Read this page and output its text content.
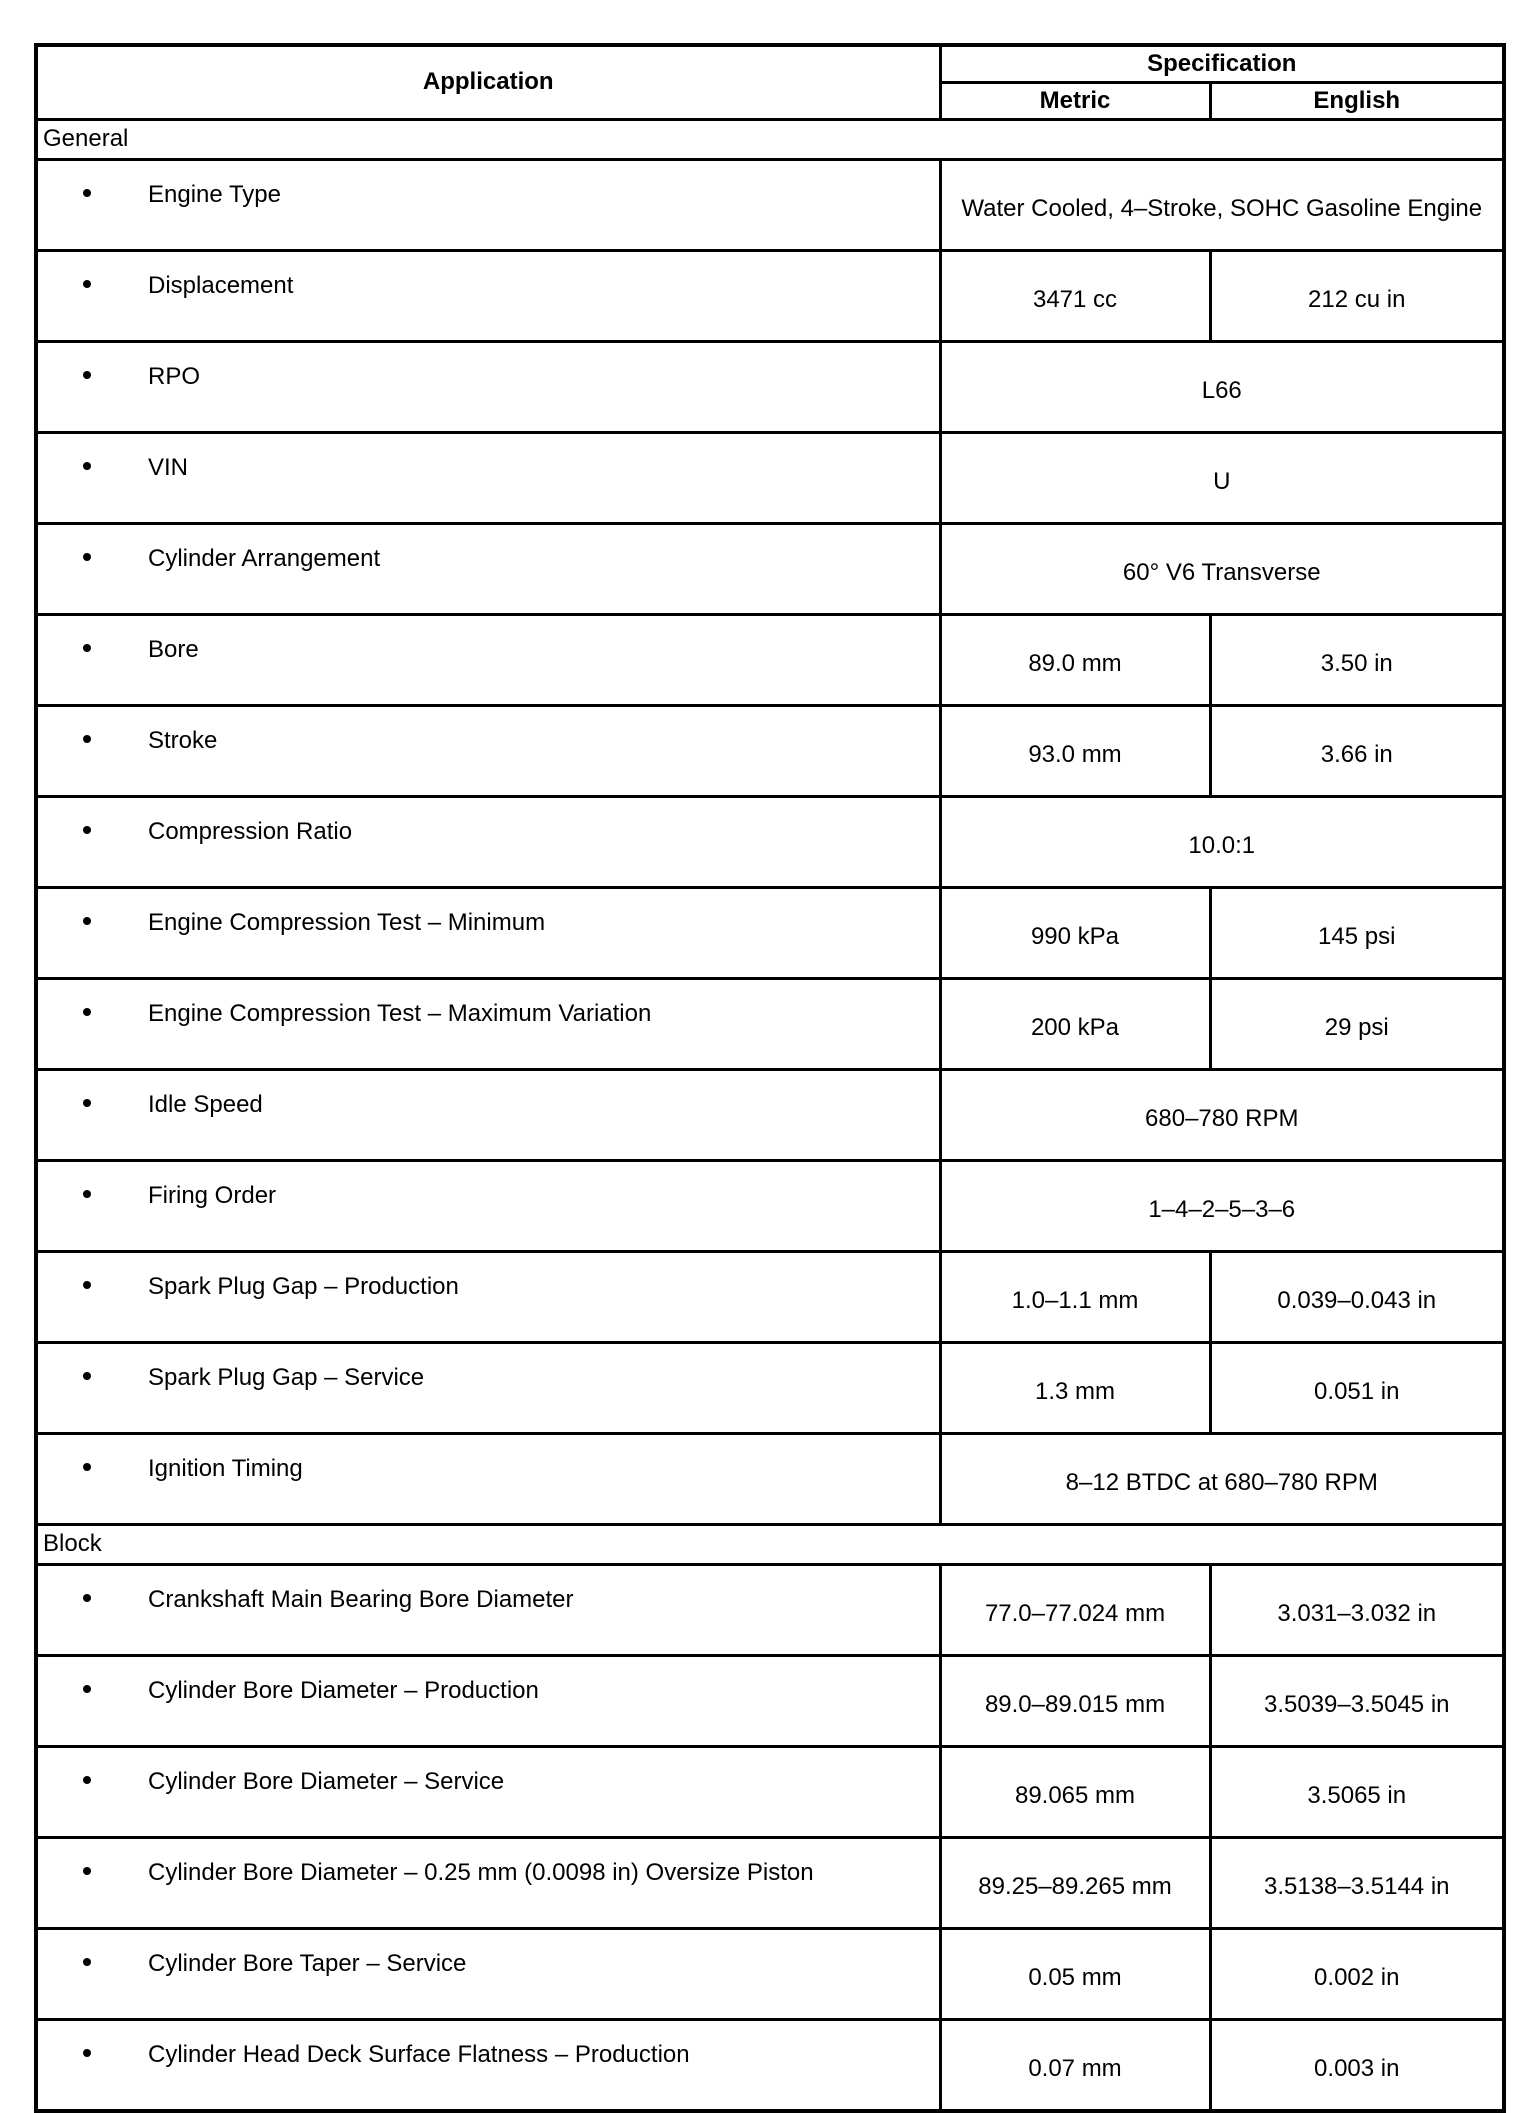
Application	Specification	
	Metric	English
General		

Engine Type	Water Cooled, 4–Stroke, SOHC Gasoline Engine	

Displacement	3471 cc	212 cu in

RPO	L66	

VIN	U	

Cylinder Arrangement	60° V6 Transverse	

Bore	89.0 mm	3.50 in

Stroke	93.0 mm	3.66 in

Compression Ratio	10.0:1	

Engine Compression Test – Minimum	990 kPa	145 psi

Engine Compression Test – Maximum Variation	200 kPa	29 psi

Idle Speed	680–780 RPM	

Firing Order	1–4–2–5–3–6	

Spark Plug Gap – Production	1.0–1.1 mm	0.039–0.043 in

Spark Plug Gap – Service	1.3 mm	0.051 in

Ignition Timing	8–12 BTDC at 680–780 RPM	
Block		

Crankshaft Main Bearing Bore Diameter	77.0–77.024 mm	3.031–3.032 in

Cylinder Bore Diameter – Production	89.0–89.015 mm	3.5039–3.5045 in

Cylinder Bore Diameter – Service	89.065 mm	3.5065 in

Cylinder Bore Diameter – 0.25 mm (0.0098 in) Oversize Piston	89.25–89.265 mm	3.5138–3.5144 in

Cylinder Bore Taper – Service	0.05 mm	0.002 in

Cylinder Head Deck Surface Flatness – Production	0.07 mm	0.003 in
